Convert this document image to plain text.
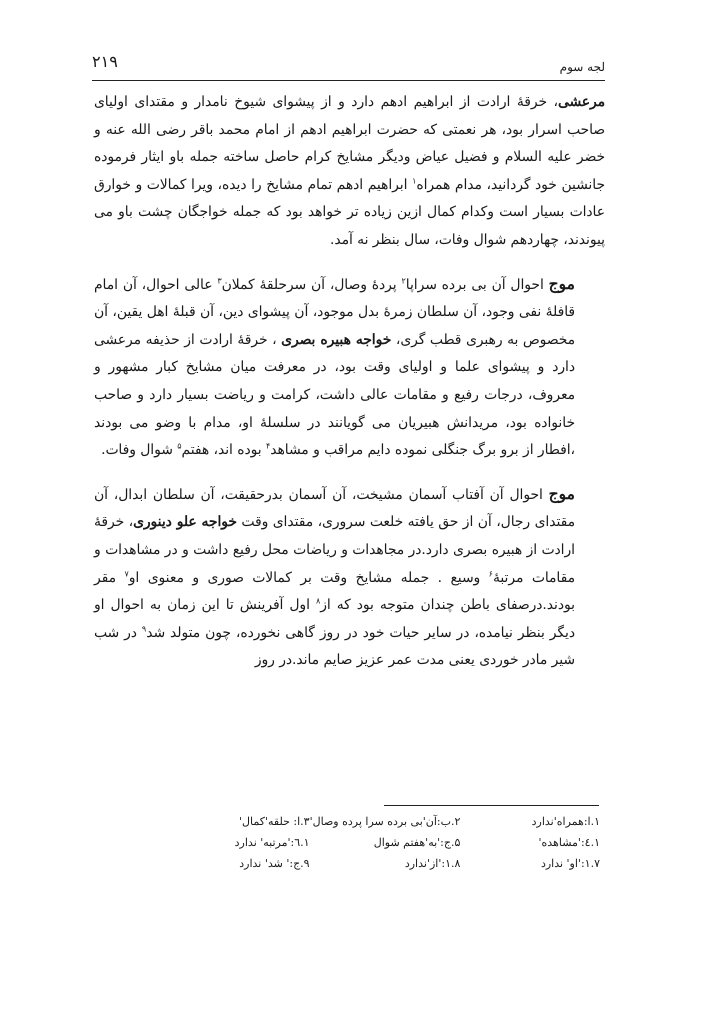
لجه سوم
۲۱۹

مرعشی، خرقهٔ ارادت از ابراهیم ادهم دارد و از پیشوای شیوخ نامدار و مقتدای اولیای صاحب اسرار بود، هر نعمتی که حضرت ابراهیم ادهم از امام محمد باقر رضی الله عنه و خضر علیه السلام و فضیل عیاض ودیگر مشایخ کرام حاصل ساخته جمله باو ایثار فرموده جانشین خود گردانید، مدام همراه$^۱$ ابراهیم ادهم تمام مشایخ را دیده، ویرا کمالات و خوارق عادات بسیار است وکدام کمال ازین زیاده تر خواهد بود که جمله خواجگان چشت باو می پیوندند، چهاردهم شوال وفات، سال بنظر نه آمد.

موج احوال آن بی برده سراپا$^۲$ پردهٔ وصال، آن سرحلقهٔ کملان$^۳$ عالی احوال، آن امام قافلهٔ نفی وجود، آن سلطان زمرهٔ بدل موجود، آن پیشوای دین، آن قبلهٔ اهل یقین، آن مخصوص به رهبری قطب گری، خواجه هبیره بصری ، خرقهٔ ارادت از حذیفه مرعشی دارد و پیشوای علما و اولیای وقت بود، در معرفت میان مشایخ کبار مشهور و معروف، درجات رفیع و مقامات عالی داشت، کرامت و ریاضت بسیار دارد و صاحب خانواده بود، مریدانش هبیریان می گویانند در سلسلهٔ او، مدام با وضو می بودند ،افطار از برو برگ جنگلی نموده دایم مراقب و مشاهد$^۴$ بوده اند، هفتم$^۵$ شوال وفات.

موج احوال آن آفتاب آسمان مشیخت، آن آسمان بدرحقیقت، آن سلطان ابدال، آن مقتدای رجال، آن از حق یافته خلعت سروری، مقتدای وقت خواجه علو دینوری، خرقهٔ ارادت از هبیره بصری دارد.در مجاهدات و ریاضات محل رفیع داشت و در مشاهدات و مقامات مرتبهٔ$^۶$ وسیع . جمله مشایخ وقت بر کمالات صوری و معنوی او$^۷$ مقر بودند.درصفای باطن چندان متوجه بود که از$^۸$ اول آفرینش تا این زمان به احوال او دیگر بنظر نیامده، در سایر حیات خود در روز گاهی نخورده، چون متولد شد$^۹$ در شب شیر مادر خوردی یعنی مدت عمر عزیز صایم ماند.در روز

۱.ا:همراه'ندارد
۲.ب:آن'بی برده سرا پرده وصال'
۳.ا: حلقه'کمال'
۱.٤:'مشاهده'
۵.ج:'به'هفتم شوال
۱.٦:'مرتبه' ندارد
۱.۷:'او' ندارد
۱.۸:'از'ندارد
۹.ج:' شد' ندارد
